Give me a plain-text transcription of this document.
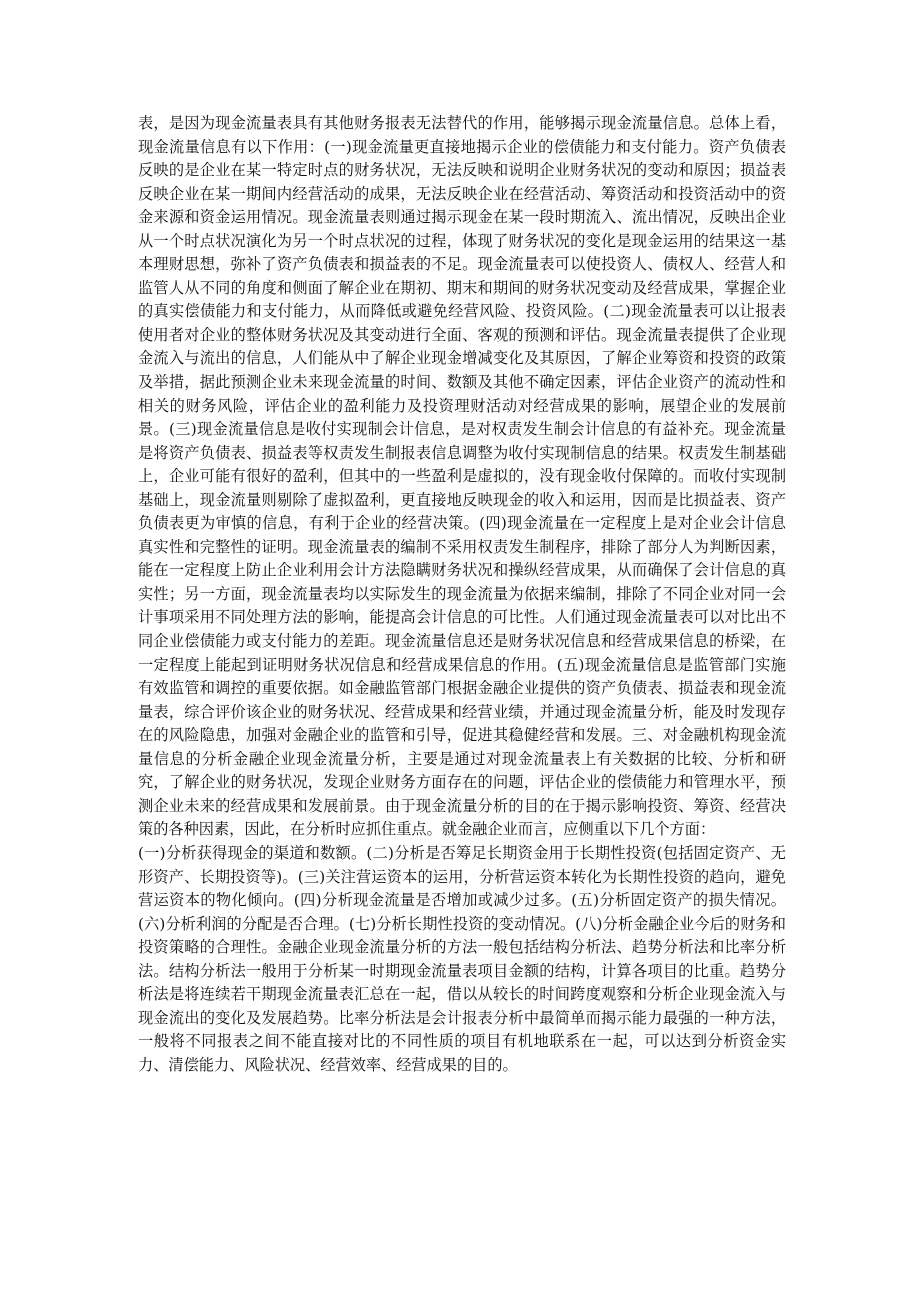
表，是因为现金流量表具有其他财务报表无法替代的作用，能够揭示现金流量信息。总体上看，现金流量信息有以下作用：(一)现金流量更直接地揭示企业的偿债能力和支付能力。资产负债表反映的是企业在某一特定时点的财务状况，无法反映和说明企业财务状况的变动和原因；损益表反映企业在某一期间内经营活动的成果，无法反映企业在经营活动、筹资活动和投资活动中的资金来源和资金运用情况。现金流量表则通过揭示现金在某一段时期流入、流出情况，反映出企业从一个时点状况演化为另一个时点状况的过程，体现了财务状况的变化是现金运用的结果这一基本理财思想，弥补了资产负债表和损益表的不足。现金流量表可以使投资人、债权人、经营人和监管人从不同的角度和侧面了解企业在期初、期末和期间的财务状况变动及经营成果，掌握企业的真实偿债能力和支付能力，从而降低或避免经营风险、投资风险。(二)现金流量表可以让报表使用者对企业的整体财务状况及其变动进行全面、客观的预测和评估。现金流量表提供了企业现金流入与流出的信息，人们能从中了解企业现金增减变化及其原因，了解企业筹资和投资的政策及举措，据此预测企业未来现金流量的时间、数额及其他不确定因素，评估企业资产的流动性和相关的财务风险，评估企业的盈利能力及投资理财活动对经营成果的影响，展望企业的发展前景。(三)现金流量信息是收付实现制会计信息，是对权责发生制会计信息的有益补充。现金流量是将资产负债表、损益表等权责发生制报表信息调整为收付实现制信息的结果。权责发生制基础上，企业可能有很好的盈利，但其中的一些盈利是虚拟的，没有现金收付保障的。而收付实现制基础上，现金流量则剔除了虚拟盈利，更直接地反映现金的收入和运用，因而是比损益表、资产负债表更为审慎的信息，有利于企业的经营决策。(四)现金流量在一定程度上是对企业会计信息真实性和完整性的证明。现金流量表的编制不采用权责发生制程序，排除了部分人为判断因素，能在一定程度上防止企业利用会计方法隐瞒财务状况和操纵经营成果，从而确保了会计信息的真实性；另一方面，现金流量表均以实际发生的现金流量为依据来编制，排除了不同企业对同一会计事项采用不同处理方法的影响，能提高会计信息的可比性。人们通过现金流量表可以对比出不同企业偿债能力或支付能力的差距。现金流量信息还是财务状况信息和经营成果信息的桥梁，在一定程度上能起到证明财务状况信息和经营成果信息的作用。(五)现金流量信息是监管部门实施有效监管和调控的重要依据。如金融监管部门根据金融企业提供的资产负债表、损益表和现金流量表，综合评价该企业的财务状况、经营成果和经营业绩，并通过现金流量分析，能及时发现存在的风险隐患，加强对金融企业的监管和引导，促进其稳健经营和发展。三、对金融机构现金流量信息的分析金融企业现金流量分析，主要是通过对现金流量表上有关数据的比较、分析和研究，了解企业的财务状况，发现企业财务方面存在的问题，评估企业的偿债能力和管理水平，预测企业未来的经营成果和发展前景。由于现金流量分析的目的在于揭示影响投资、筹资、经营决策的各种因素，因此，在分析时应抓住重点。就金融企业而言，应侧重以下几个方面：

(一)分析获得现金的渠道和数额。(二)分析是否筹足长期资金用于长期性投资(包括固定资产、无形资产、长期投资等)。(三)关注营运资本的运用，分析营运资本转化为长期性投资的趋向，避免营运资本的物化倾向。(四)分析现金流量是否增加或减少过多。(五)分析固定资产的损失情况。(六)分析利润的分配是否合理。(七)分析长期性投资的变动情况。(八)分析金融企业今后的财务和投资策略的合理性。金融企业现金流量分析的方法一般包括结构分析法、趋势分析法和比率分析法。结构分析法一般用于分析某一时期现金流量表项目金额的结构，计算各项目的比重。趋势分析法是将连续若干期现金流量表汇总在一起，借以从较长的时间跨度观察和分析企业现金流入与现金流出的变化及发展趋势。比率分析法是会计报表分析中最简单而揭示能力最强的一种方法，一般将不同报表之间不能直接对比的不同性质的项目有机地联系在一起，可以达到分析资金实力、清偿能力、风险状况、经营效率、经营成果的目的。
